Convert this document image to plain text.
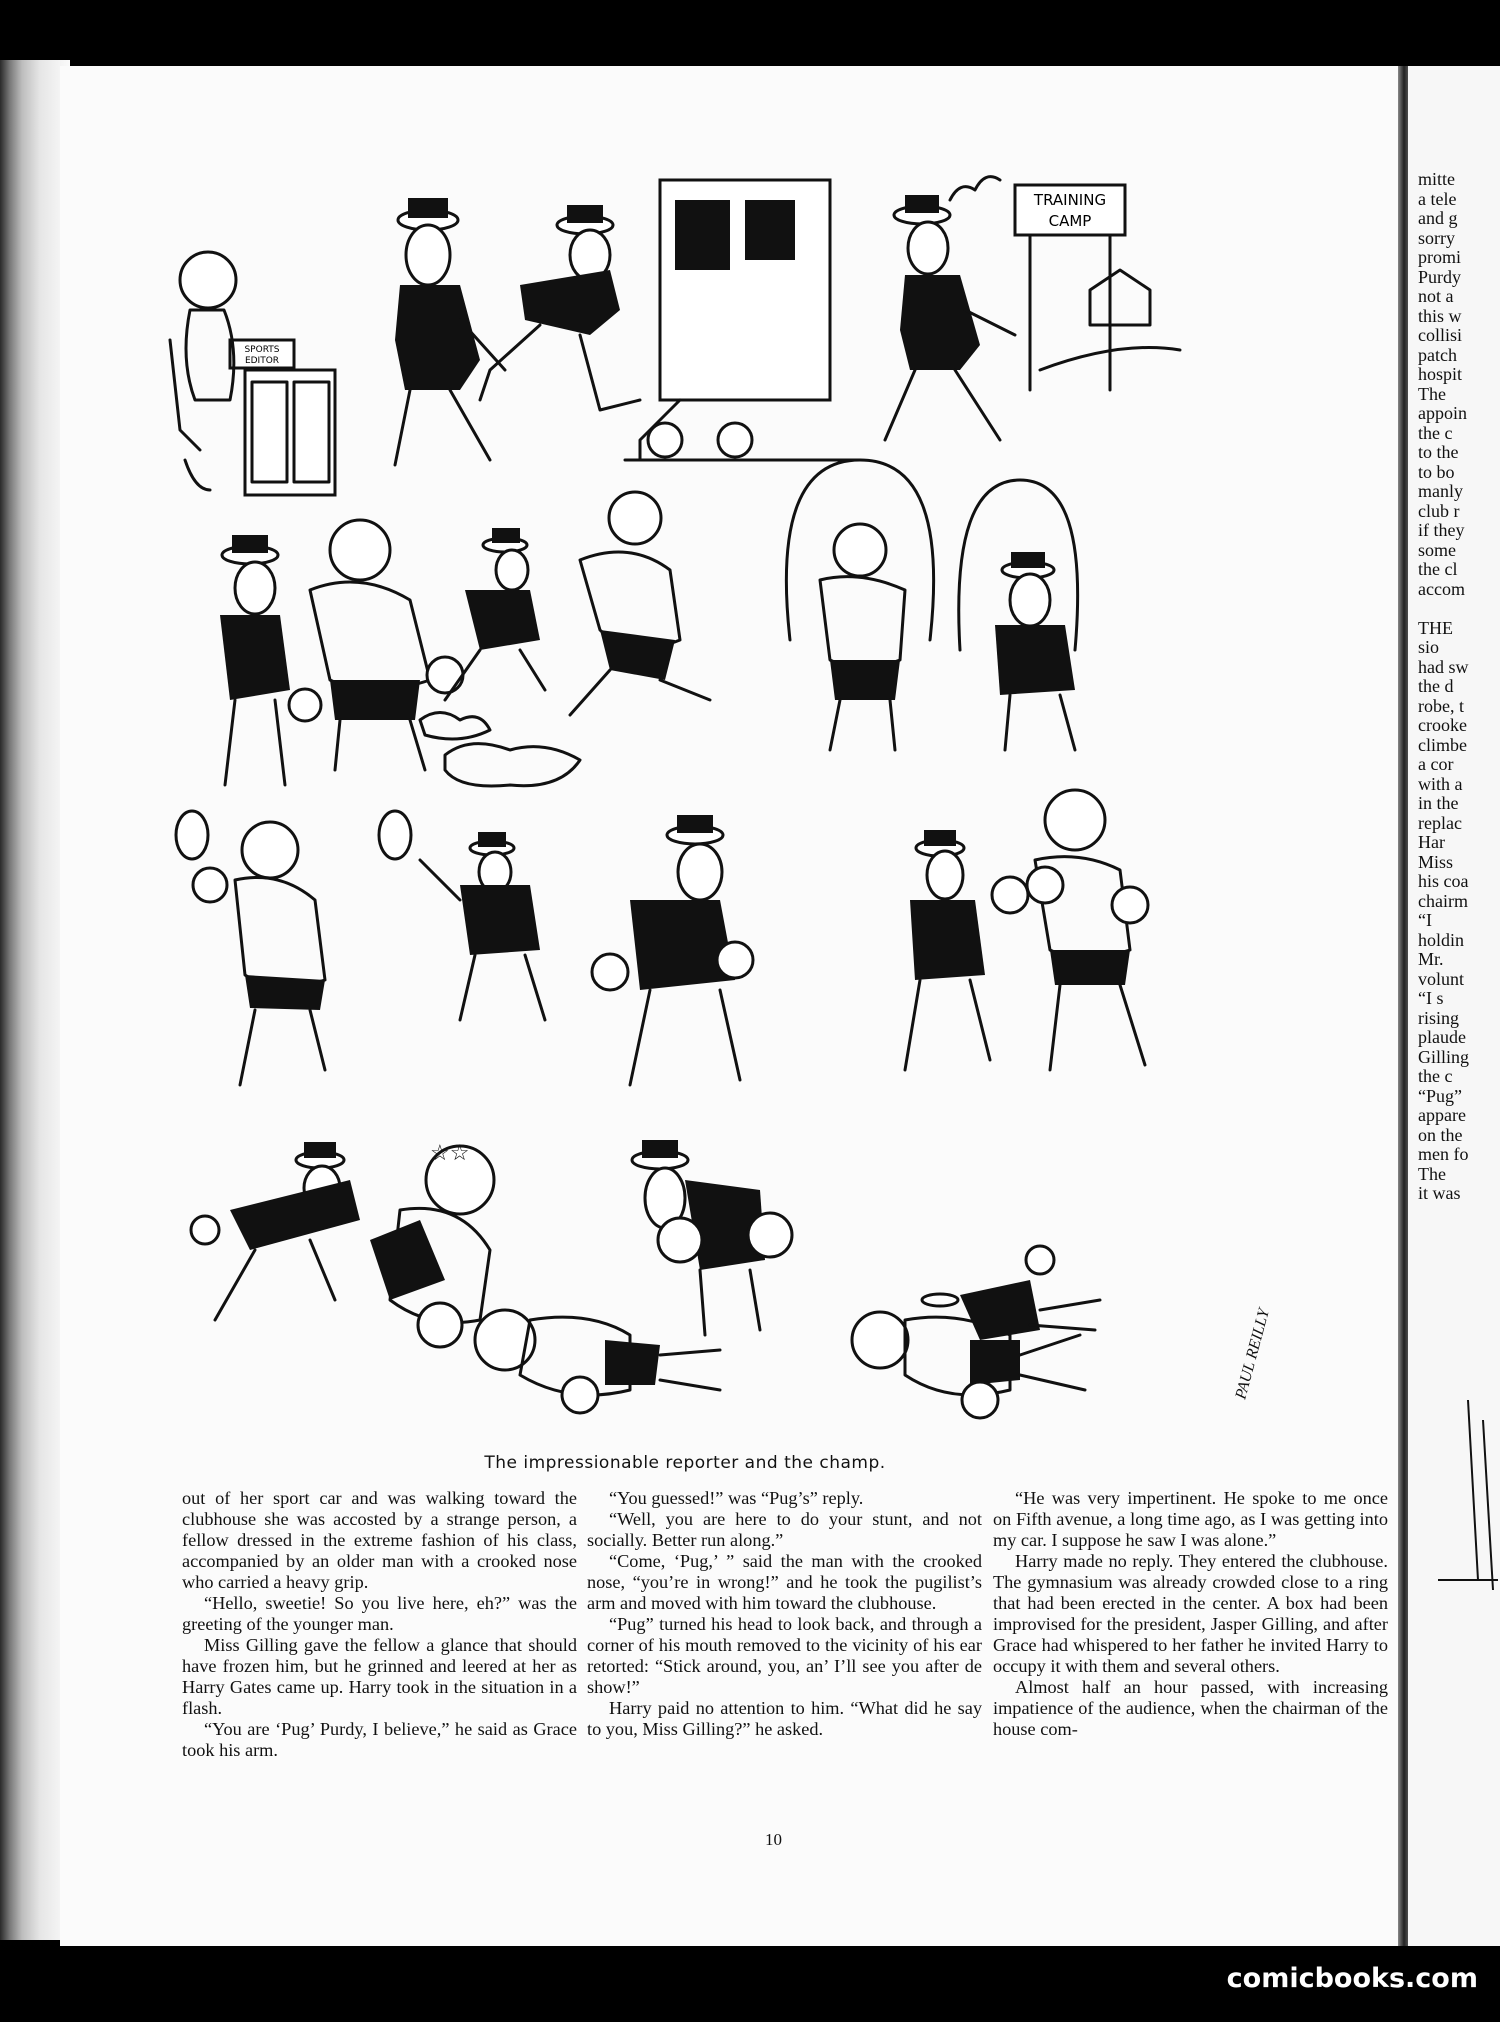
SPORTS
EDITOR
TRAINING
CAMP
☆☆
PAUL REILLY
The impressionable reporter and the champ.

out of her sport car and was walking toward the clubhouse she was accosted by a strange person, a fellow dressed in the extreme fashion of his class, accompanied by an older man with a crooked nose who carried a heavy grip.

“Hello, sweetie! So you live here, eh?” was the greeting of the younger man.

Miss Gilling gave the fellow a glance that should have frozen him, but he grinned and leered at her as Harry Gates came up. Harry took in the situation in a flash.

“You are ‘Pug’ Purdy, I believe,” he said as Grace took his arm.

“You guessed!” was “Pug’s” reply.

“Well, you are here to do your stunt, and not socially. Better run along.”

“Come, ‘Pug,’ ” said the man with the crooked nose, “you’re in wrong!” and he took the pugilist’s arm and moved with him toward the clubhouse.

“Pug” turned his head to look back, and through a corner of his mouth removed to the vicinity of his ear retorted: “Stick around, you, an’ I’ll see you after de show!”

Harry paid no attention to him. “What did he say to you, Miss Gilling?” he asked.

“He was very impertinent. He spoke to me once on Fifth avenue, a long time ago, as I was getting into my car. I suppose he saw I was alone.”

Harry made no reply. They entered the clubhouse. The gymnasium was already crowded close to a ring that had been erected in the center. A box had been improvised for the president, Jasper Gilling, and after Grace had whispered to her father he invited Harry to occupy it with them and several others.

Almost half an hour passed, with increasing impatience of the audience, when the chairman of the house com-

10
mitte
a tele
and g
sorry
promi
Purdy
not a
this w
collisi
patch
hospit
The
appoin
the c
to the
to bo
manly
club r
if they
some
the cl
accom

THE
sio
had sw
the d
robe, t
crooke
climbe
a cor
with a
in the
replac
Har
Miss
his coa
chairm
“I
holdin
Mr.
volunt
“I s
rising
plaude
Gilling
the c
“Pug”
appare
on the
men fo
The
it was
comicbooks.com
